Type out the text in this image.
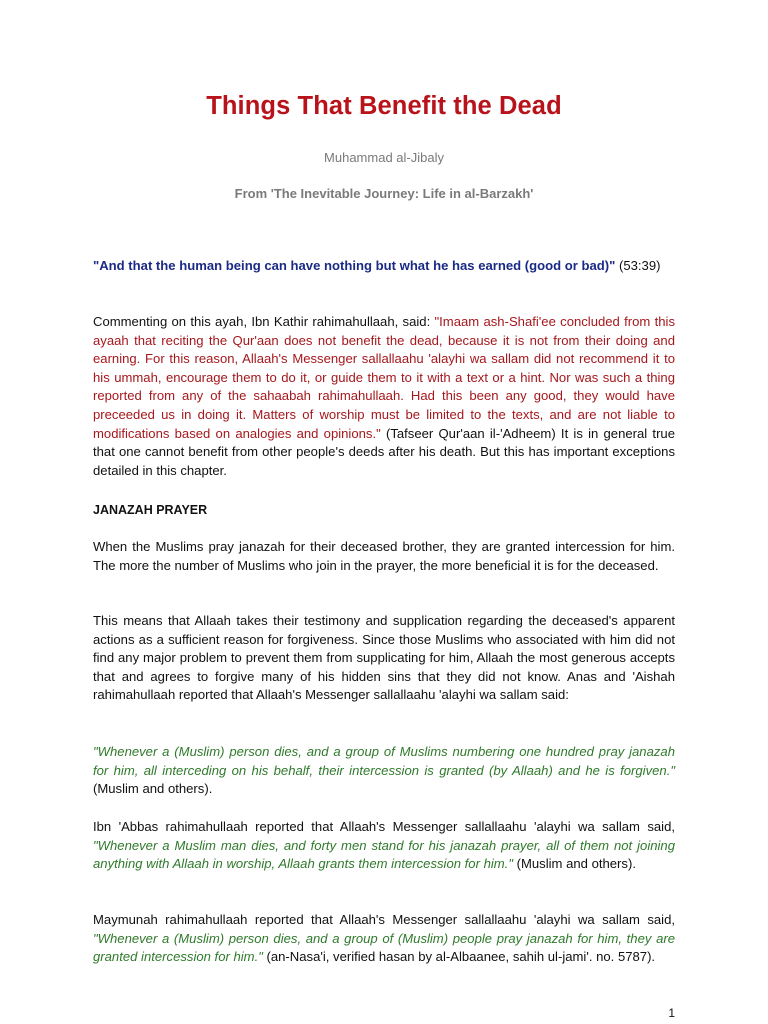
Things That Benefit the Dead
Muhammad al-Jibaly
From 'The Inevitable Journey: Life in al-Barzakh'

"And that the human being can have nothing but what he has earned (good or bad)" (53:39)

Commenting on this ayah, Ibn Kathir rahimahullaah, said: "Imaam ash-Shafi'ee concluded from this ayaah that reciting the Qur'aan does not benefit the dead, because it is not from their doing and earning. For this reason, Allaah's Messenger sallallaahu 'alayhi wa sallam did not recommend it to his ummah, encourage them to do it, or guide them to it with a text or a hint. Nor was such a thing reported from any of the sahaabah rahimahullaah. Had this been any good, they would have preceeded us in doing it. Matters of worship must be limited to the texts, and are not liable to modifications based on analogies and opinions." (Tafseer Qur'aan il-'Adheem) It is in general true that one cannot benefit from other people's deeds after his death. But this has important exceptions detailed in this chapter.

JANAZAH PRAYER

When the Muslims pray janazah for their deceased brother, they are granted intercession for him. The more the number of Muslims who join in the prayer, the more beneficial it is for the deceased.

This means that Allaah takes their testimony and supplication regarding the deceased's apparent actions as a sufficient reason for forgiveness. Since those Muslims who associated with him did not find any major problem to prevent them from supplicating for him, Allaah the most generous accepts that and agrees to forgive many of his hidden sins that they did not know. Anas and 'Aishah rahimahullaah reported that Allaah's Messenger sallallaahu 'alayhi wa sallam said:

"Whenever a (Muslim) person dies, and a group of Muslims numbering one hundred pray janazah for him, all interceding on his behalf, their intercession is granted (by Allaah) and he is forgiven." (Muslim and others).

Ibn 'Abbas rahimahullaah reported that Allaah's Messenger sallallaahu 'alayhi wa sallam said, "Whenever a Muslim man dies, and forty men stand for his janazah prayer, all of them not joining anything with Allaah in worship, Allaah grants them intercession for him." (Muslim and others).

Maymunah rahimahullaah reported that Allaah's Messenger sallallaahu 'alayhi wa sallam said, "Whenever a (Muslim) person dies, and a group of (Muslim) people pray janazah for him, they are granted intercession for him." (an-Nasa'i, verified hasan by al-Albaanee, sahih ul-jami'. no. 5787).

1
